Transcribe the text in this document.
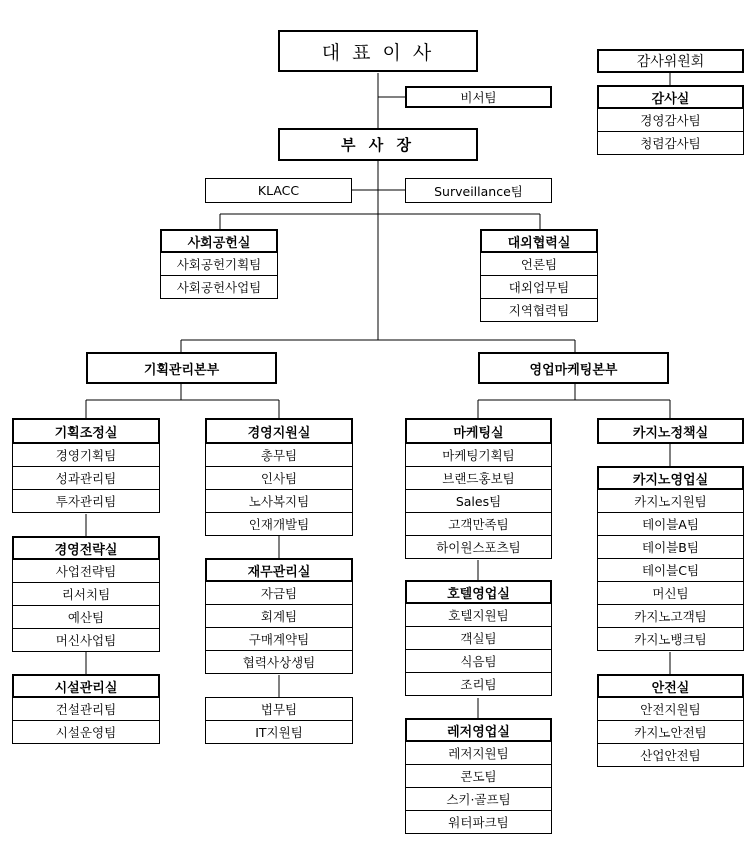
대 표 이 사
비서팀
감사위원회
감사실
경영감사팀
청렴감사팀
부 사 장
KLACC	Surveillance팀
사회공헌실
사회공헌기획팀
사회공헌사업팀
대외협력실
언론팀
대외업무팀
지역협력팀
기획관리본부	영업마케팅본부
기획조정실
경영기획팀
성과관리팀
투자관리팀
경영전략실
사업전략팀
리서치팀
예산팀
머신사업팀
시설관리실
건설관리팀
시설운영팀
경영지원실
총무팀
인사팀
노사복지팀
인재개발팀
재무관리실
자금팀
회계팀
구매계약팀
협력사상생팀
법무팀
IT지원팀
마케팅실
마케팅기획팀
브랜드홍보팀
Sales팀
고객만족팀
하이원스포츠팀
호텔영업실
호텔지원팀
객실팀
식음팀
조리팀
레저영업실
레저지원팀
콘도팀
스키·골프팀
워터파크팀
카지노정책실
카지노영업실
카지노지원팀
테이블A팀
테이블B팀
테이블C팀
머신팀
카지노고객팀
카지노뱅크팀
안전실
안전지원팀
카지노안전팀
산업안전팀
